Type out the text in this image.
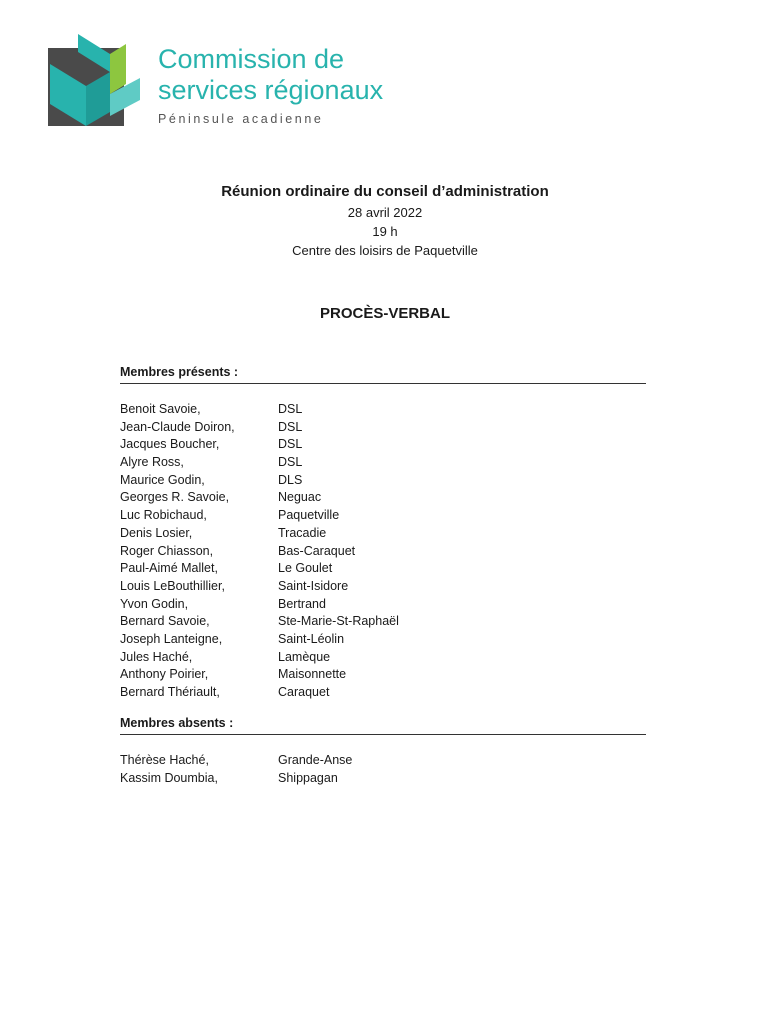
Commission de
services régionaux
Péninsule acadienne
Réunion ordinaire du conseil d’administration
28 avril 2022
19 h
Centre des loisirs de Paquetville
PROCÈS-VERBAL
Membres présents :
Benoit Savoie,	DSL
Jean-Claude Doiron,	DSL
Jacques Boucher,	DSL
Alyre Ross,	DSL
Maurice Godin,	DLS
Georges R. Savoie,	Neguac
Luc Robichaud,	Paquetville
Denis Losier,	Tracadie
Roger Chiasson,	Bas-Caraquet
Paul-Aimé Mallet,	Le Goulet
Louis LeBouthillier,	Saint-Isidore
Yvon Godin,	Bertrand
Bernard Savoie,	Ste-Marie-St-Raphaël
Joseph Lanteigne,	Saint-Léolin
Jules Haché,	Lamèque
Anthony Poirier,	Maisonnette
Bernard Thériault,	Caraquet
Membres absents :
Thérèse Haché,	Grande-Anse
Kassim Doumbia,	Shippagan
